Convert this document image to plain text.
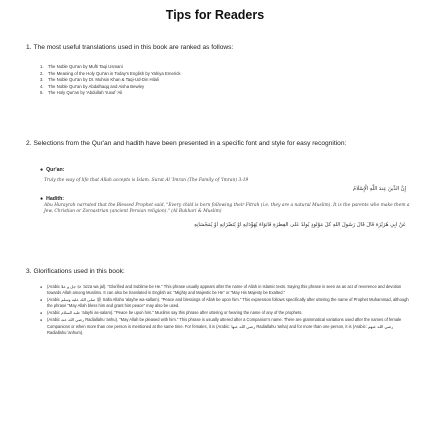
Tips for Readers
1. The most useful translations used in this book are ranked as follows:
1. The Noble Qur'an by Mufti Taqi Usmani
2. The Meaning of the Holy Qur'an in Today's English by Yahiya Emerick
3. The Noble Qur'an by Dr. Muhsin Khan & Taqi-Ud-Din Hilali
4. The Noble Qur'an by Abdalhaqq and Aisha Bewley
5. The Holy Qur'an by 'Abdullah Yusuf 'Ali
2. Selections from the Qur'an and hadith have been presented in a specific font and style for easy recognition:
● Qur'an:
Truly the way of life that Allah accepts is Islam. Surat Al 'Imran (The Family of 'Imran) 3:19
إِنَّ الدِّينَ عِندَ اللَّهِ الْإِسْلَامُ
● Hadith:
Abu Hurayrah narrated that the Blessed Prophet said, "Every child is born following their Fitrah (i.e. they are a natural Muslim). It is the parents who make them a Jew, Christian or Zoroastrian (ancient Persian religion)." (Al Bukhari & Muslim)
عَنْ أَبِي هُرَيْرَةَ قَالَ قَالَ رَسُولُ اللَّهِ كُلُّ مَوْلُودٍ يُولَدُ عَلَى الْفِطْرَةِ فَأَبَوَاهُ يُهَوِّدَانِهِ أَوْ يُنَصِّرَانِهِ أَوْ يُمَجِّسَانِهِ
3. Glorifications used in this book:
● (Arabic ﷻ جل و علا 'azza wa jal). "Glorified and Sublime be He." This phrase usually appears after the name of Allah in Islamic texts. Saying this phrase is seen as an act of reverence and devotion towards Allah among Muslims. It can also be translated in English as: "Mighty and Majestic be He" or "May His Majesty be Exalted."
● (Arabic ﷺ صلى الله عليه وسلم Salla Allahu 'alayhe wa-sallam). "Peace and blessings of Allah be upon him." This expression follows specifically after uttering the name of Prophet Muhammad, although the phrase "May Allah bless him and grant him peace" may also be used.
● (Arabic عليه السلام 'alayhi as-salam). "Peace be upon him." Muslims say this phrase after uttering or hearing the name of any of the prophets.
● (Arabic رضي الله عنه Radiallahu 'anhu). "May Allah be pleased with him." This phrase is usually uttered after a Companion's name. There are grammatical variations used after the names of female Companions or when more than one person is mentioned at the same time. For females, it is (Arabic: رضي الله عنها Radiallahu 'anha) and for more than one person, it is (Arabic: رضي الله عنهم Radiallahu 'anhum).
